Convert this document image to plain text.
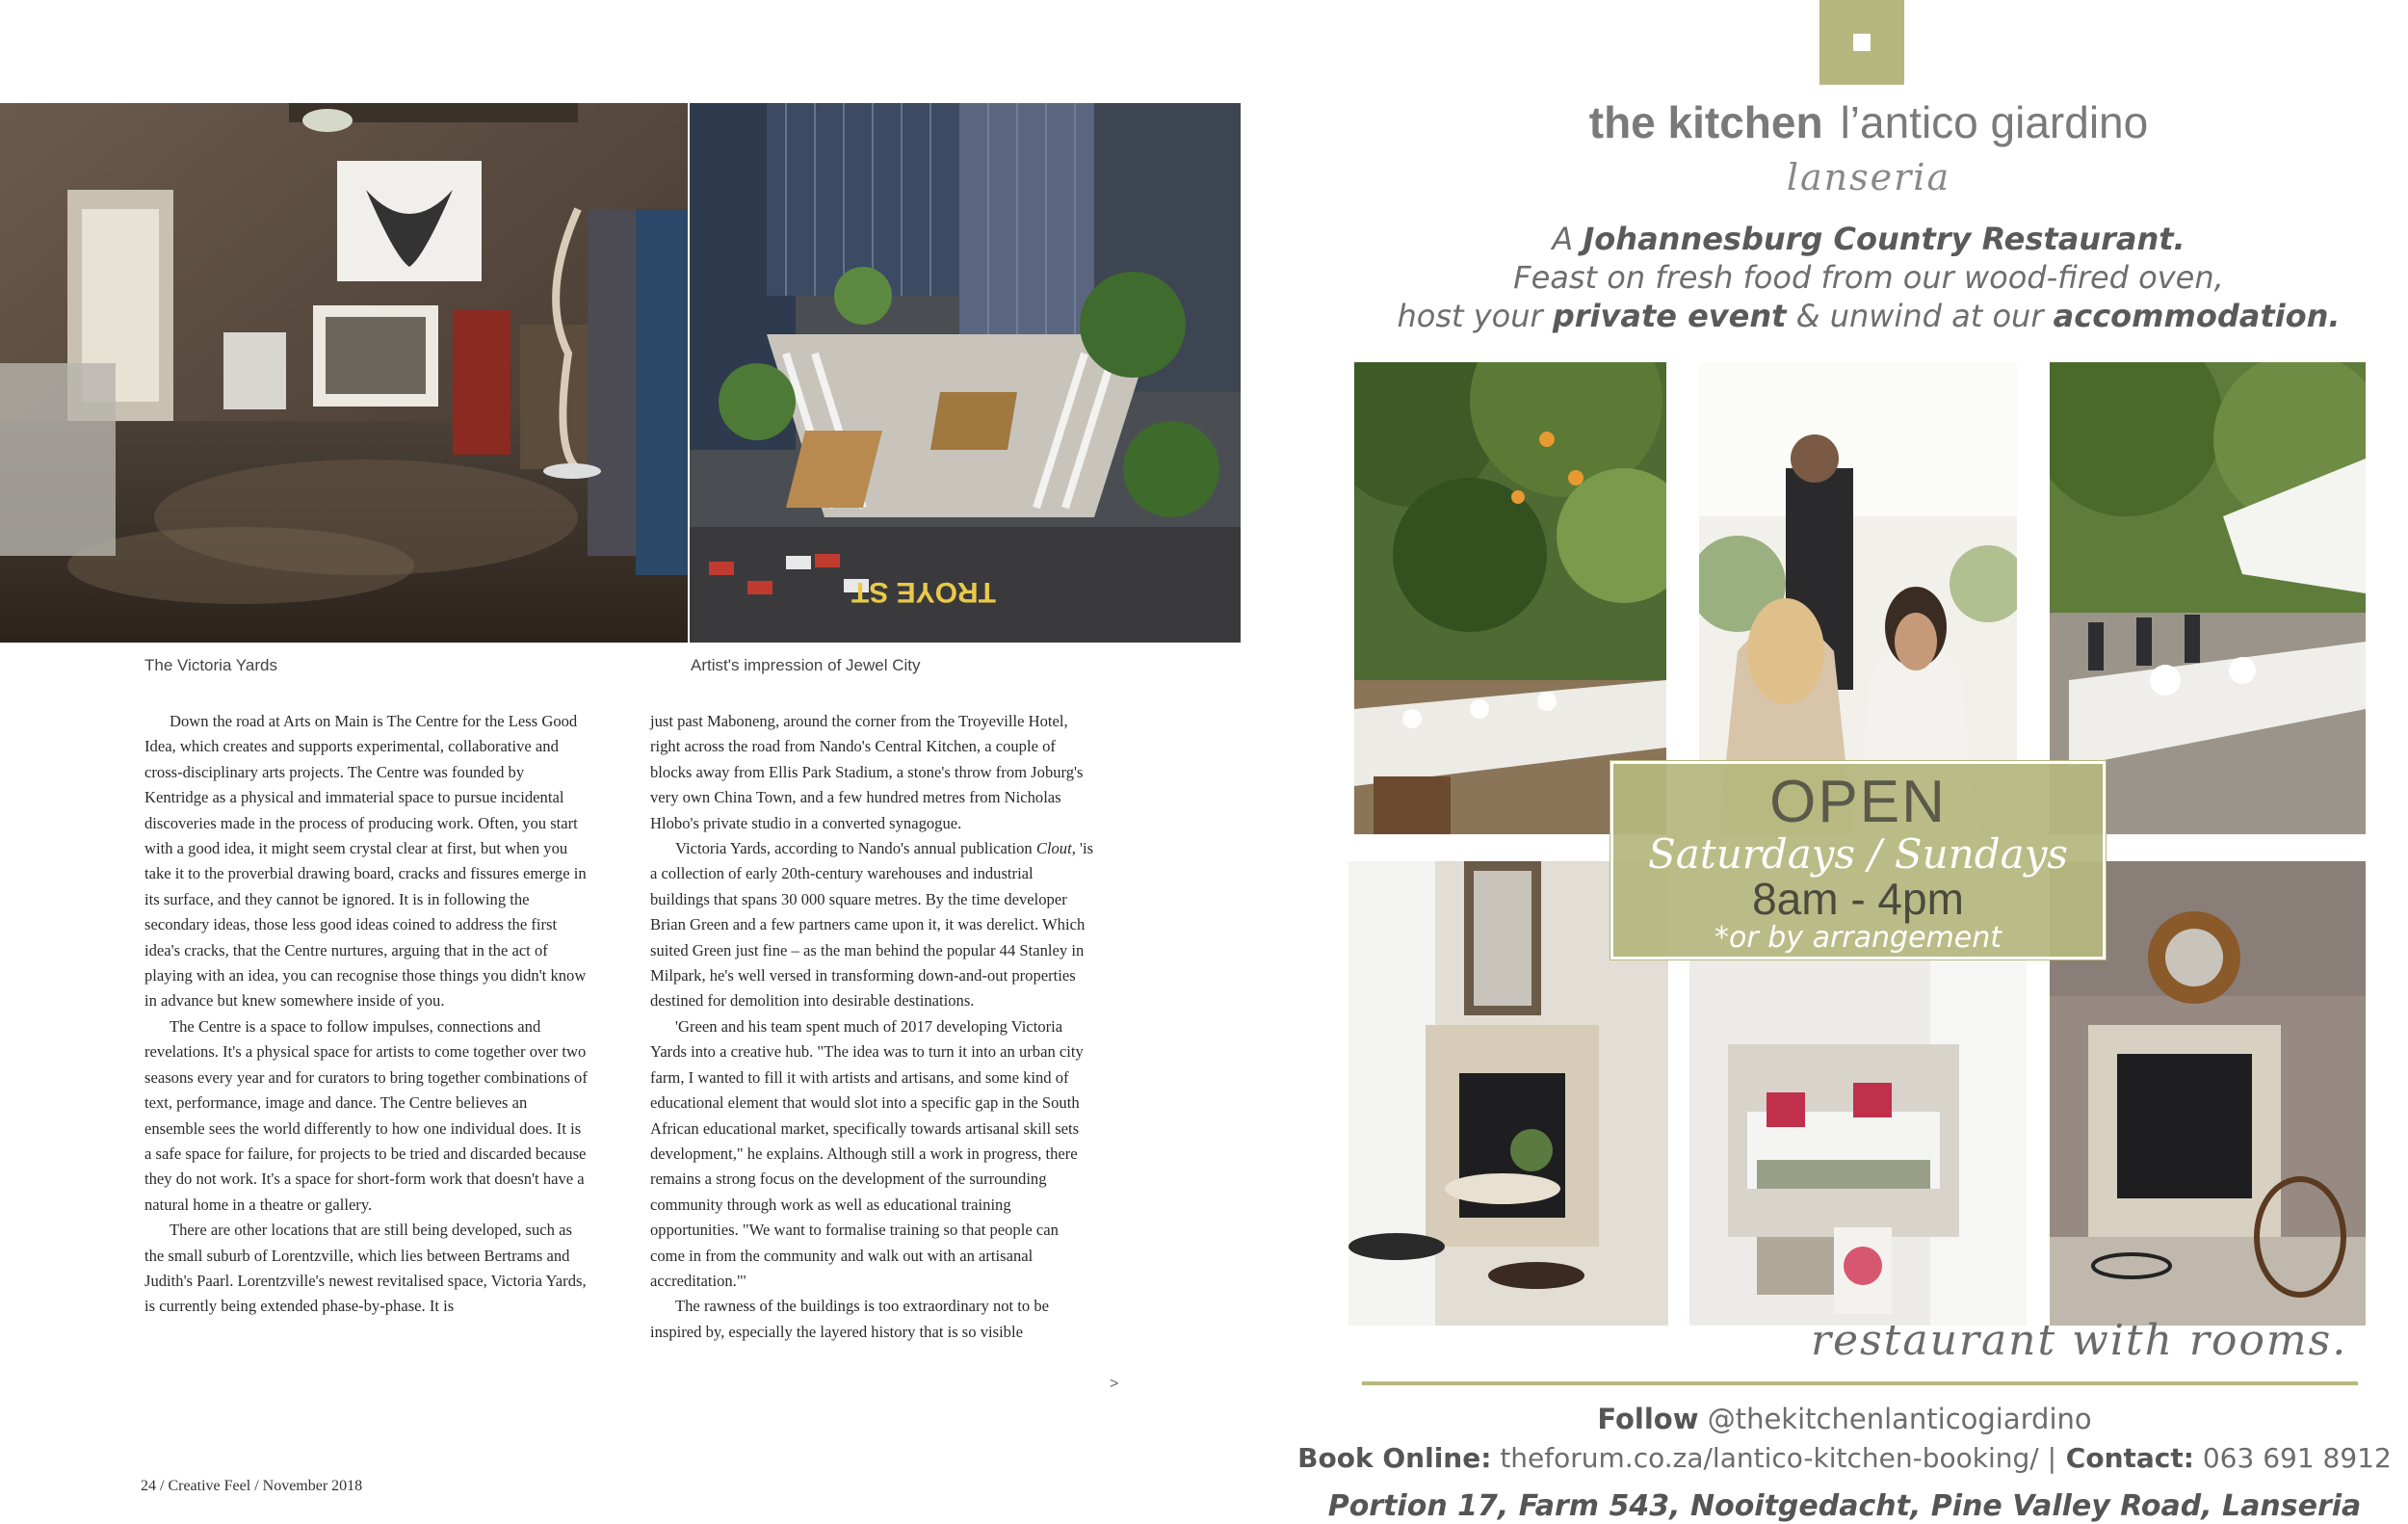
TROYE ST
The Victoria Yards	Artist's impression of Jewel City

Down the road at Arts on Main is The Centre for the Less Good Idea, which creates and supports experimental, collaborative and cross-disciplinary arts projects. The Centre was founded by Kentridge as a physical and immaterial space to pursue incidental discoveries made in the process of producing work. Often, you start with a good idea, it might seem crystal clear at first, but when you take it to the proverbial drawing board, cracks and fissures emerge in its surface, and they cannot be ignored. It is in following the secondary ideas, those less good ideas coined to address the first idea's cracks, that the Centre nurtures, arguing that in the act of playing with an idea, you can recognise those things you didn't know in advance but knew somewhere inside of you.

The Centre is a space to follow impulses, connections and revelations. It's a physical space for artists to come together over two seasons every year and for curators to bring together combinations of text, performance, image and dance. The Centre believes an ensemble sees the world differently to how one individual does. It is a safe space for failure, for projects to be tried and discarded because they do not work. It's a space for short-form work that doesn't have a natural home in a theatre or gallery.

There are other locations that are still being developed, such as the small suburb of Lorentzville, which lies between Bertrams and Judith's Paarl. Lorentzville's newest revitalised space, Victoria Yards, is currently being extended phase-by-phase. It is

just past Maboneng, around the corner from the Troyeville Hotel, right across the road from Nando's Central Kitchen, a couple of blocks away from Ellis Park Stadium, a stone's throw from Joburg's very own China Town, and a few hundred metres from Nicholas Hlobo's private studio in a converted synagogue.

Victoria Yards, according to Nando's annual publication Clout, 'is a collection of early 20th-century warehouses and industrial buildings that spans 30 000 square metres. By the time developer Brian Green and a few partners came upon it, it was derelict. Which suited Green just fine – as the man behind the popular 44 Stanley in Milpark, he's well versed in transforming down-and-out properties destined for demolition into desirable destinations.

'Green and his team spent much of 2017 developing Victoria Yards into a creative hub. "The idea was to turn it into an urban city farm, I wanted to fill it with artists and artisans, and some kind of educational element that would slot into a specific gap in the South African educational market, specifically towards artisanal skill sets development," he explains. Although still a work in progress, there remains a strong focus on the development of the surrounding community through work as well as educational training opportunities. "We want to formalise training so that people can come in from the community and walk out with an artisanal accreditation."'

The rawness of the buildings is too extraordinary not to be inspired by, especially the layered history that is so visible

>
24 / Creative Feel / November 2018
the kitchen l’antico giardino
lanseria
A Johannesburg Country Restaurant.
Feast on fresh food from our wood-fired oven,
host your private event & unwind at our accommodation.
OPEN
Saturdays / Sundays
8am - 4pm
*or by arrangement
restaurant with rooms.
Follow @thekitchenlanticogiardino
Book Online: theforum.co.za/lantico-kitchen-booking/ | Contact: 063 691 8912
Portion 17, Farm 543, Nooitgedacht, Pine Valley Road, Lanseria
